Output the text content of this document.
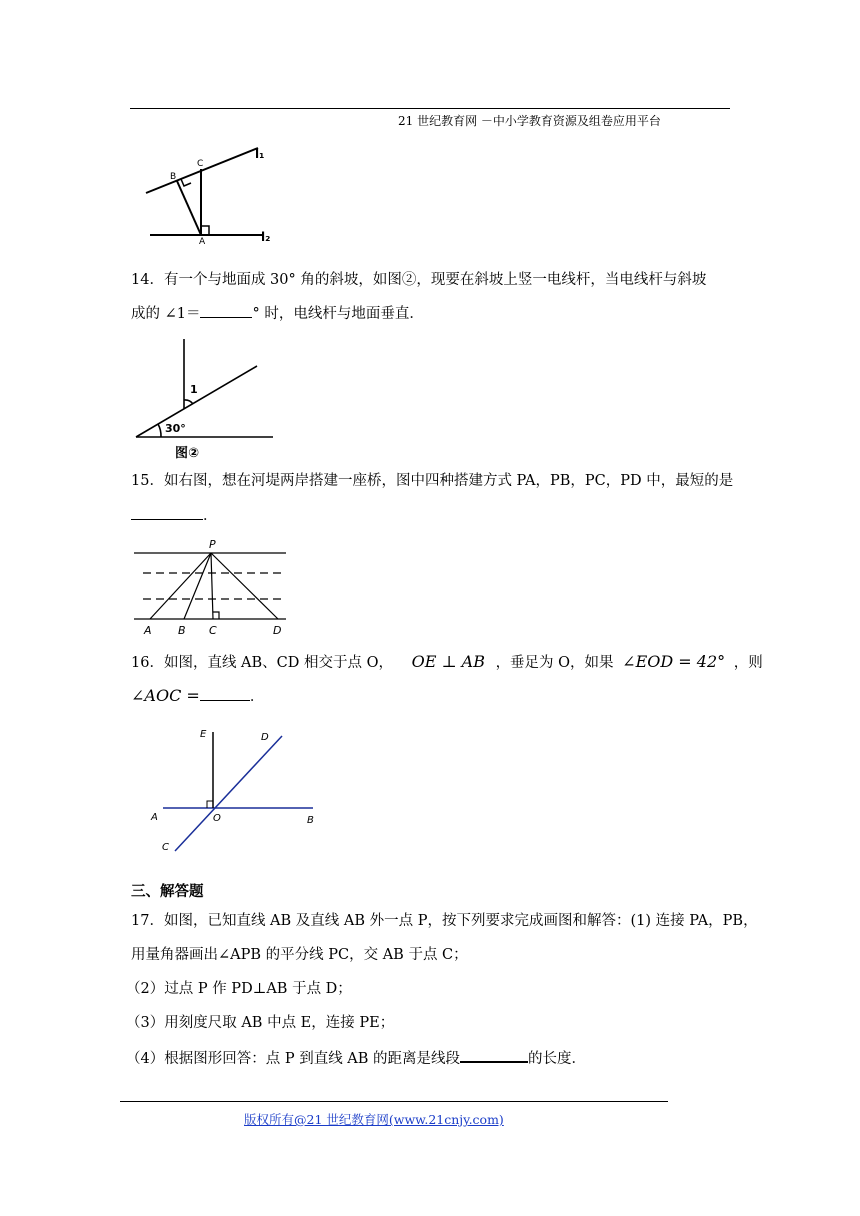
21 世纪教育网 －中小学教育资源及组卷应用平台
B
C
A
l₁
l₂
14．有一个与地面成 30° 角的斜坡，如图②，现要在斜坡上竖一电线杆，当电线杆与斜坡
成的 ∠1＝	° 时，电线杆与地面垂直．
1
30°
图②
15．如右图，想在河堤两岸搭建一座桥，图中四种搭建方式 PA，PB，PC，PD 中，最短的是
．
P
A B C	D
16．如图，直线 AB、CD 相交于点 O， OE ⊥ AB ，垂足为 O，如果 ∠EOD = 42° ，则
∠AOC =	．
E	D
A	O	B
C
三、解答题
17．如图，已知直线 AB 及直线 AB 外一点 P，按下列要求完成画图和解答：(1) 连接 PA，PB，
用量角器画出∠APB 的平分线 PC，交 AB 于点 C；
（2）过点 P 作 PD⊥AB 于点 D；
（3）用刻度尺取 AB 中点 E，连接 PE；
（4）根据图形回答：点 P 到直线 AB 的距离是线段	的长度．
版权所有@21 世纪教育网(www.21cnjy.com)
